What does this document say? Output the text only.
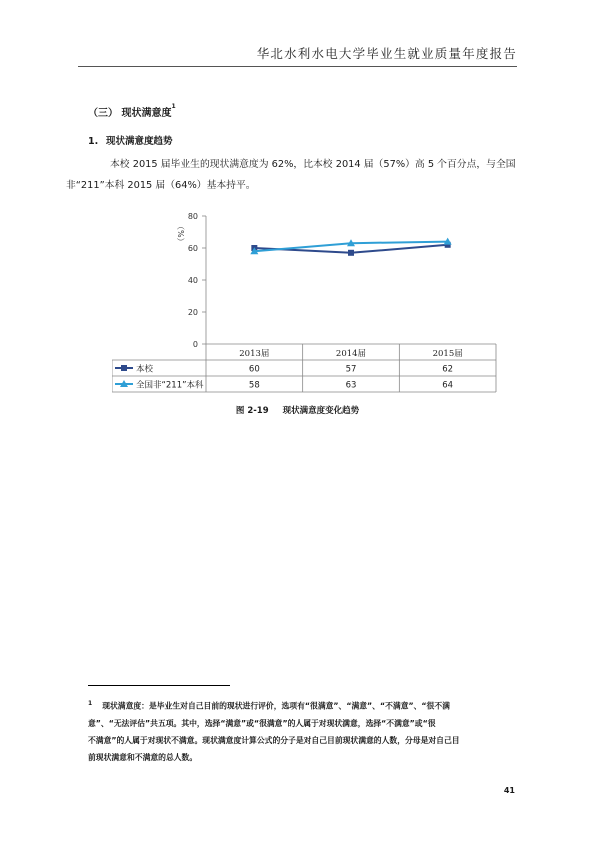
华北水利水电大学毕业生就业质量年度报告
（三） 现状满意度$^1$
1. 现状满意度趋势
本校 2015 届毕业生的现状满意度为 62%，比本校 2014 届（57%）高 5 个百分点，与全国
非“211”本科 2015 届（64%）基本持平。
（%）
0
20
40
60
80
2013届	2014届	2015届
本校	60	57	62
全国非“211”本科	58	63	64
图 2-19 现状满意度变化趋势
$^1$ 现状满意度：是毕业生对自己目前的现状进行评价，选项有“很满意”、“满意”、“不满意”、“很不满
意”、“无法评估”共五项。其中，选择“满意”或“很满意”的人属于对现状满意，选择“不满意”或“很
不满意”的人属于对现状不满意。现状满意度计算公式的分子是对自己目前现状满意的人数，分母是对自己目
前现状满意和不满意的总人数。
41
